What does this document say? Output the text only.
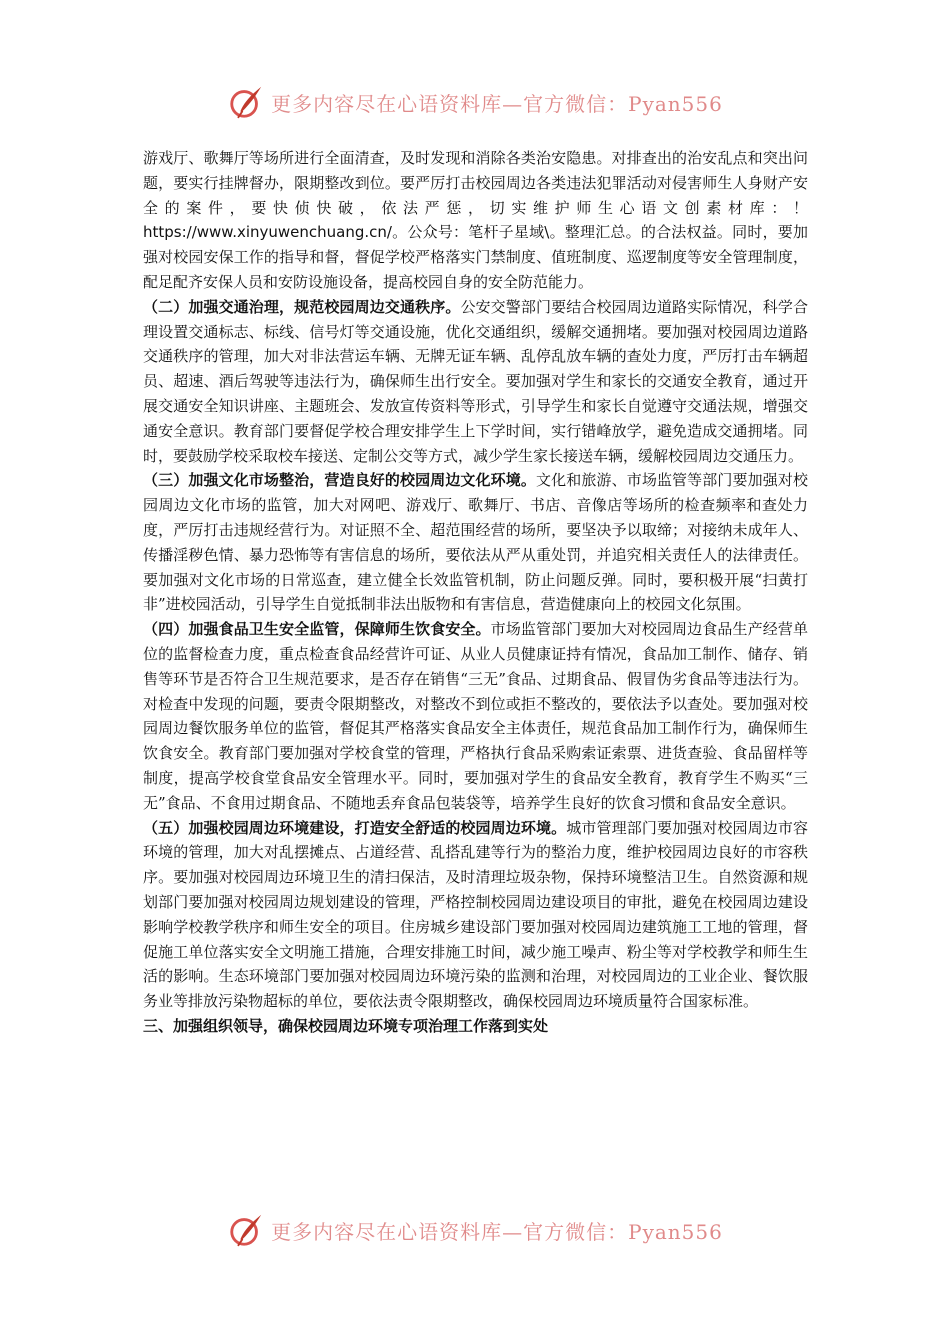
更多内容尽在心语资料库—官方微信：Pyan556

游戏厅、歌舞厅等场所进行全面清查，及时发现和消除各类治安隐患。对排查出的治安乱点和突出问题，要实行挂牌督办，限期整改到位。要严厉打击校园周边各类违法犯罪活动对侵害师生人身财产安全的案件，要快侦快破，依法严惩，切实维护师生心语文创素材库：！ https://www.xinyuwenchuang.cn/。公众号：笔杆子星域\。整理汇总。的合法权益。同时，要加强对校园安保工作的指导和督，督促学校严格落实门禁制度、值班制度、巡逻制度等安全管理制度，配足配齐安保人员和安防设施设备，提高校园自身的安全防范能力。

（二）加强交通治理，规范校园周边交通秩序。公安交警部门要结合校园周边道路实际情况，科学合理设置交通标志、标线、信号灯等交通设施，优化交通组织，缓解交通拥堵。要加强对校园周边道路交通秩序的管理，加大对非法营运车辆、无牌无证车辆、乱停乱放车辆的查处力度，严厉打击车辆超员、超速、酒后驾驶等违法行为，确保师生出行安全。要加强对学生和家长的交通安全教育，通过开展交通安全知识讲座、主题班会、发放宣传资料等形式，引导学生和家长自觉遵守交通法规，增强交通安全意识。教育部门要督促学校合理安排学生上下学时间，实行错峰放学，避免造成交通拥堵。同时，要鼓励学校采取校车接送、定制公交等方式，减少学生家长接送车辆，缓解校园周边交通压力。

（三）加强文化市场整治，营造良好的校园周边文化环境。文化和旅游、市场监管等部门要加强对校园周边文化市场的监管，加大对网吧、游戏厅、歌舞厅、书店、音像店等场所的检查频率和查处力度，严厉打击违规经营行为。对证照不全、超范围经营的场所，要坚决予以取缔；对接纳未成年人、传播淫秽色情、暴力恐怖等有害信息的场所，要依法从严从重处罚，并追究相关责任人的法律责任。要加强对文化市场的日常巡查，建立健全长效监管机制，防止问题反弹。同时，要积极开展“扫黄打非”进校园活动，引导学生自觉抵制非法出版物和有害信息，营造健康向上的校园文化氛围。

（四）加强食品卫生安全监管，保障师生饮食安全。市场监管部门要加大对校园周边食品生产经营单位的监督检查力度，重点检查食品经营许可证、从业人员健康证持有情况，食品加工制作、储存、销售等环节是否符合卫生规范要求，是否存在销售“三无”食品、过期食品、假冒伪劣食品等违法行为。对检查中发现的问题，要责令限期整改，对整改不到位或拒不整改的，要依法予以查处。要加强对校园周边餐饮服务单位的监管，督促其严格落实食品安全主体责任，规范食品加工制作行为，确保师生饮食安全。教育部门要加强对学校食堂的管理，严格执行食品采购索证索票、进货查验、食品留样等制度，提高学校食堂食品安全管理水平。同时，要加强对学生的食品安全教育，教育学生不购买“三无”食品、不食用过期食品、不随地丢弃食品包装袋等，培养学生良好的饮食习惯和食品安全意识。

（五）加强校园周边环境建设，打造安全舒适的校园周边环境。城市管理部门要加强对校园周边市容环境的管理，加大对乱摆摊点、占道经营、乱搭乱建等行为的整治力度，维护校园周边良好的市容秩序。要加强对校园周边环境卫生的清扫保洁，及时清理垃圾杂物，保持环境整洁卫生。自然资源和规划部门要加强对校园周边规划建设的管理，严格控制校园周边建设项目的审批，避免在校园周边建设影响学校教学秩序和师生安全的项目。住房城乡建设部门要加强对校园周边建筑施工工地的管理，督促施工单位落实安全文明施工措施，合理安排施工时间，减少施工噪声、粉尘等对学校教学和师生生活的影响。生态环境部门要加强对校园周边环境污染的监测和治理，对校园周边的工业企业、餐饮服务业等排放污染物超标的单位，要依法责令限期整改，确保校园周边环境质量符合国家标准。

三、加强组织领导，确保校园周边环境专项治理工作落到实处

更多内容尽在心语资料库—官方微信：Pyan556
